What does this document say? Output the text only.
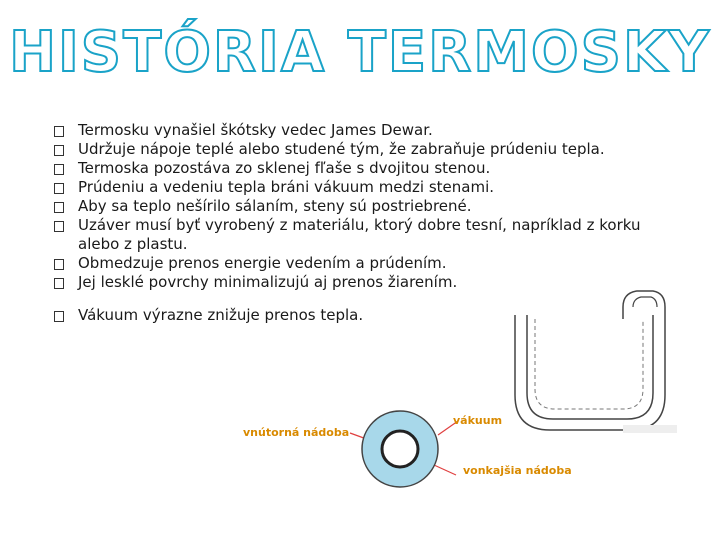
HISTÓRIA TERMOSKY
Termosku vynašiel škótsky vedec James Dewar.
Udržuje nápoje teplé alebo studené tým, že zabraňuje prúdeniu tepla.
Termoska pozostáva zo sklenej fľaše s dvojitou stenou.
Prúdeniu a vedeniu tepla bráni vákuum medzi stenami.
Aby sa teplo nešírilo sálaním, steny sú postriebrené.
Uzáver musí byť vyrobený z materiálu, ktorý dobre tesní, napríklad z korku alebo z plastu.
Obmedzuje prenos energie vedením a prúdením.
Jej lesklé povrchy minimalizujú aj prenos žiarením.
Vákuum výrazne znižuje prenos tepla.
vnútorná nádoba
vákuum
vonkajšia nádoba
